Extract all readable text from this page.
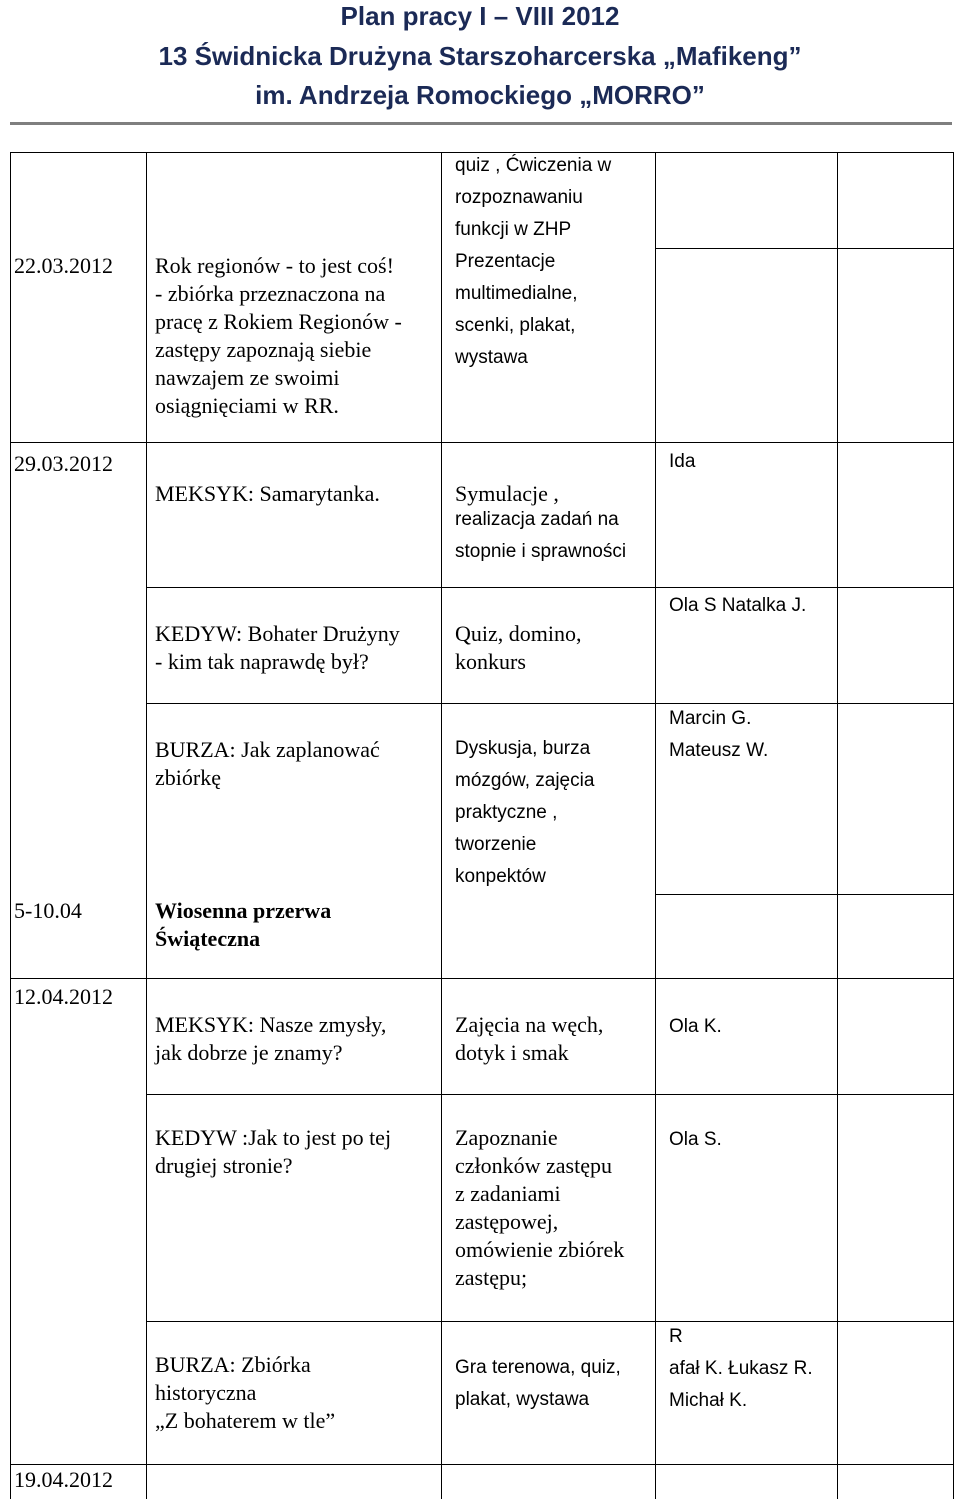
Plan pracy I – VIII 2012
13 Świdnicka Drużyna Starszoharcerska „Mafikeng”
im. Andrzeja Romockiego „MORRO”
quiz , Ćwiczenia w
rozpoznawaniu
funkcji w ZHP
22.03.2012 Rok regionów - to jest coś!
- zbiórka przeznaczona na
pracę z Rokiem Regionów -
zastępy zapoznają siebie
nawzajem ze swoimi
osiągnięciami w RR.
Prezentacje
multimedialne,
scenki, plakat,
wystawa
29.03.2012
MEKSYK: Samarytanka.	Symulacje ,
realizacja zadań na
stopnie i sprawności
Ida
KEDYW: Bohater Drużyny
- kim tak naprawdę był?
Quiz, domino,
konkurs
Ola S Natalka J.
BURZA: Jak zaplanować
zbiórkę
Dyskusja, burza
mózgów, zajęcia
praktyczne ,
tworzenie
konpektów
Marcin G.
Mateusz W.
5-10.04	Wiosenna przerwa
Świąteczna
12.04.2012
MEKSYK: Nasze zmysły,
jak dobrze je znamy?
Zajęcia na węch,
dotyk i smak
Ola K.
KEDYW :Jak to jest po tej
drugiej stronie?
Zapoznanie
członków zastępu
z zadaniami
zastępowej,
omówienie zbiórek
zastępu;
Ola S.
BURZA: Zbiórka
historyczna
„Z bohaterem w tle”
Gra terenowa, quiz,
plakat, wystawa
R
afał K. Łukasz R.
Michał K.
19.04.2012
